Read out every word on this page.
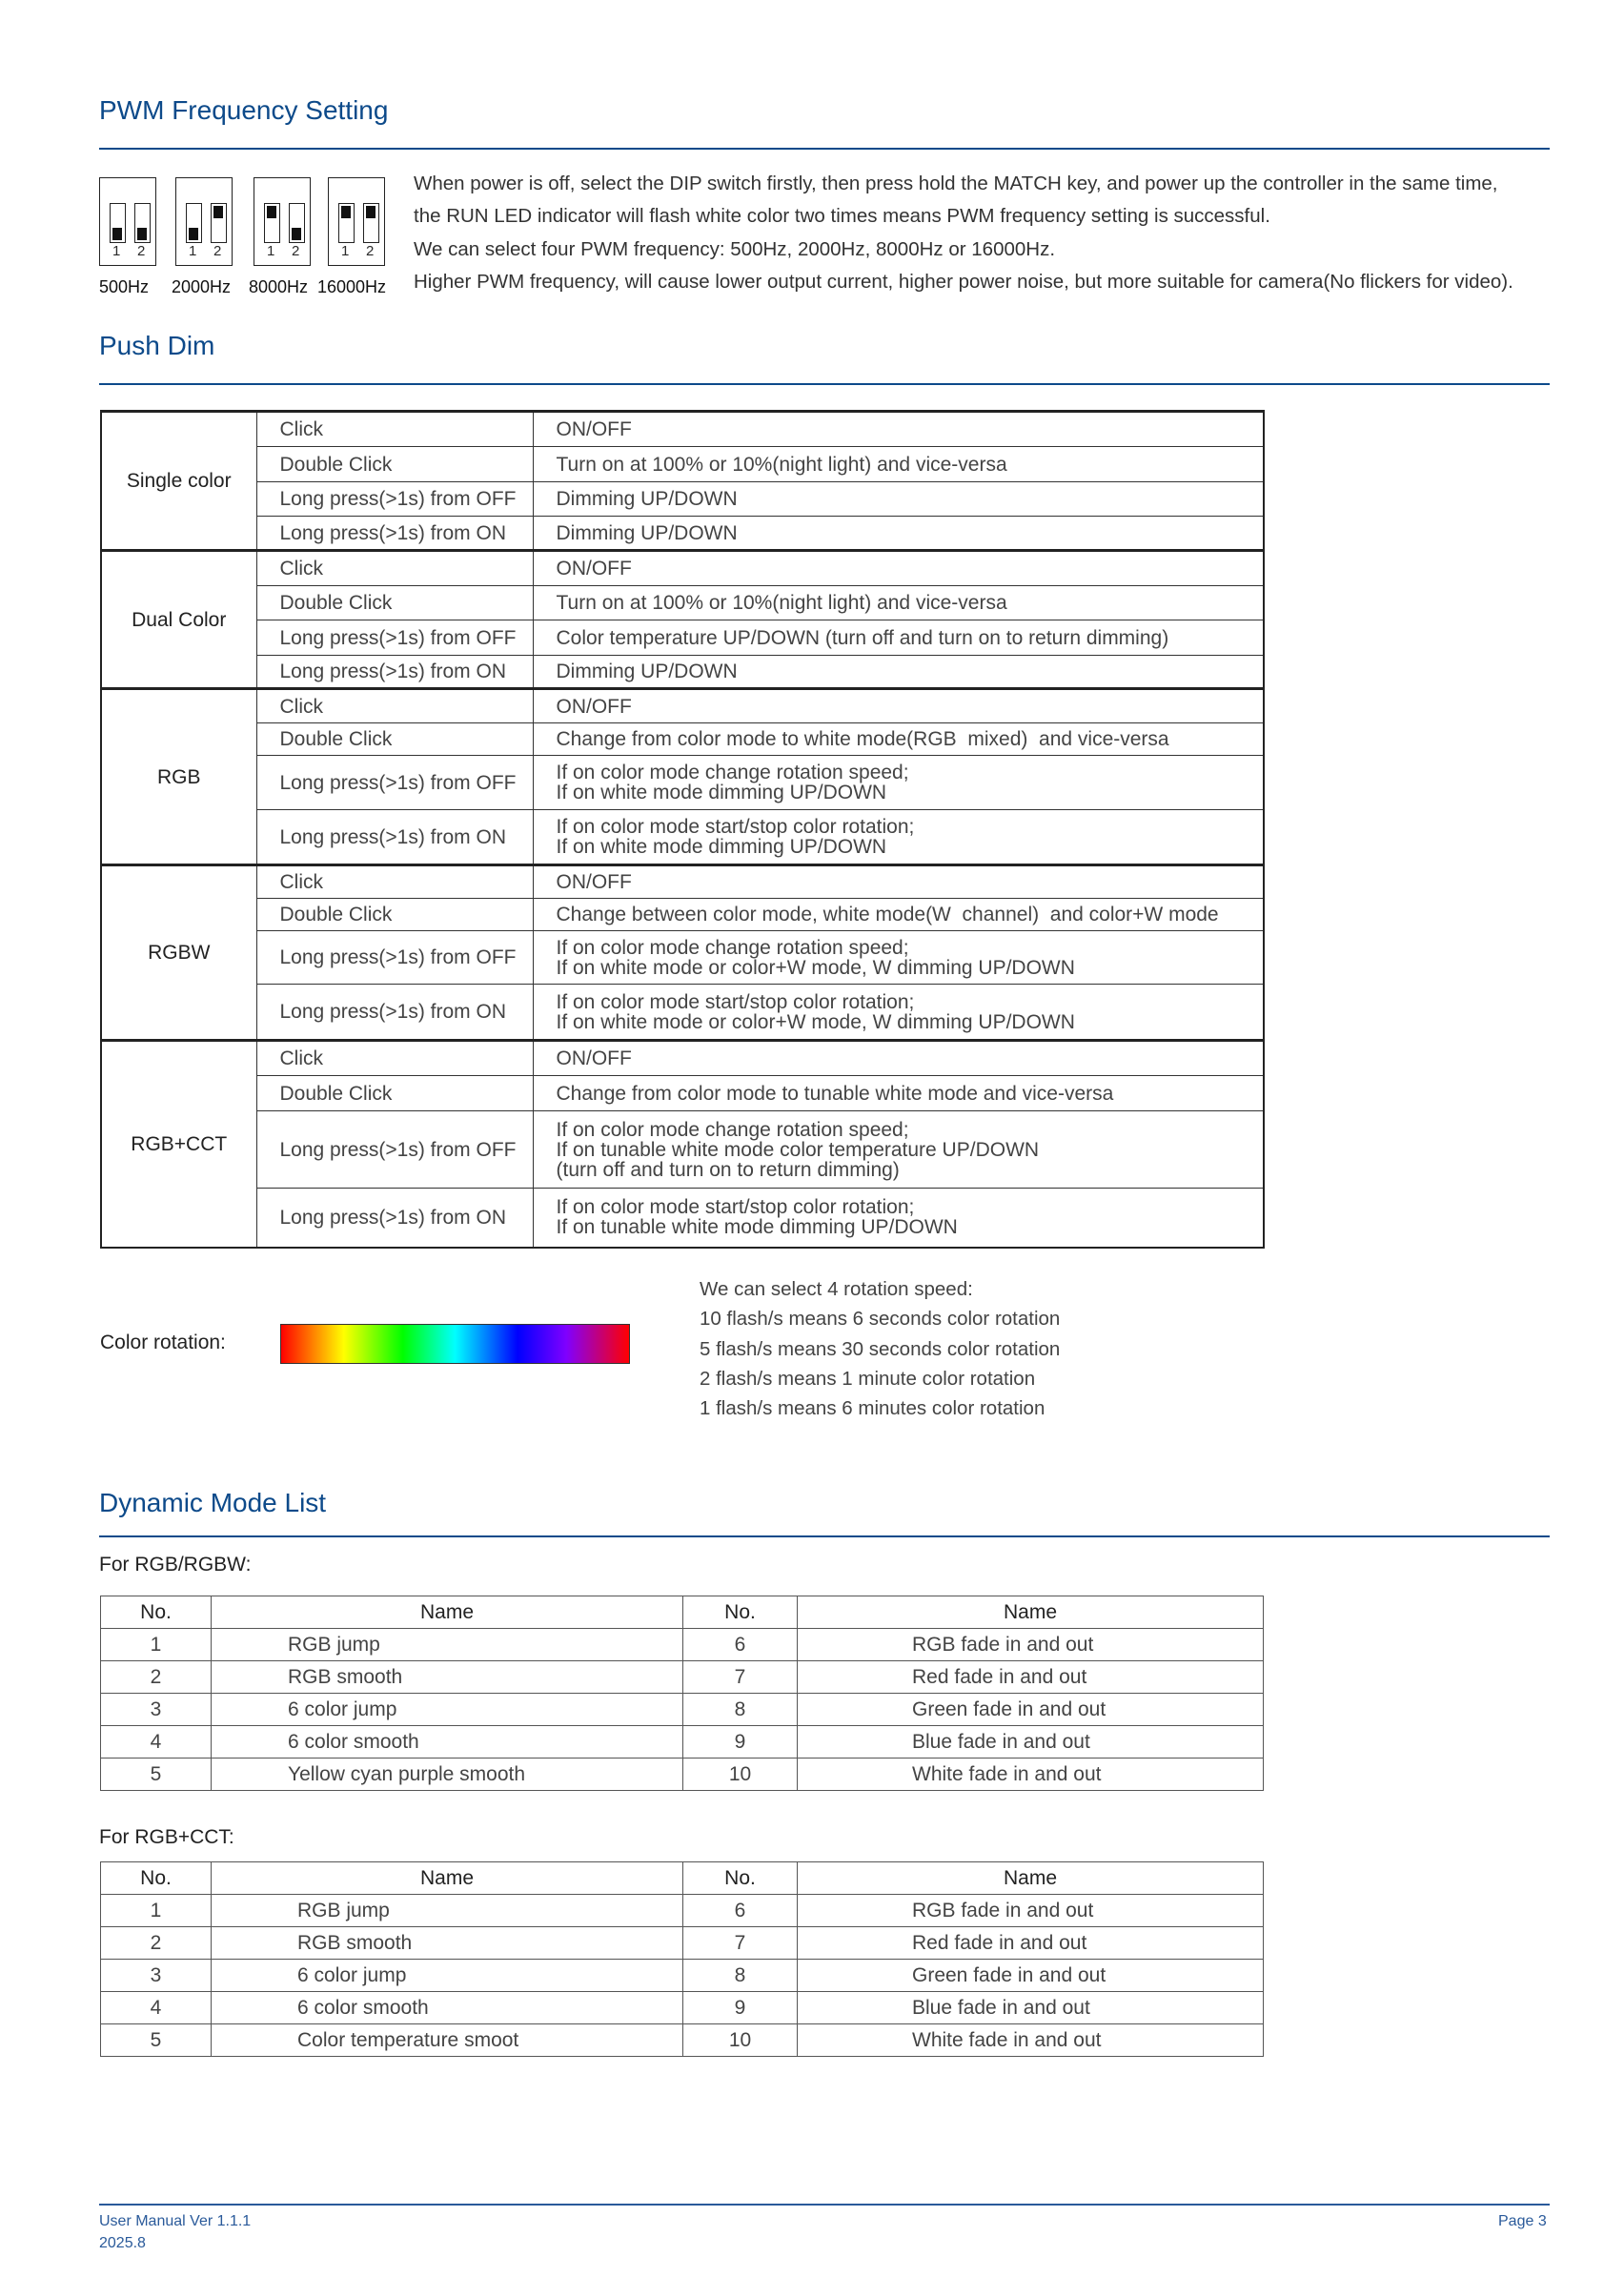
PWM Frequency Setting
1 2
500Hz
1 2
2000Hz
1 2
8000Hz
1 2
16000Hz
When power is off, select the DIP switch firstly, then press hold the MATCH key, and power up the controller in the same time,
the RUN LED indicator will flash white color two times means PWM frequency setting is successful.
We can select four PWM frequency: 500Hz, 2000Hz, 8000Hz or 16000Hz.
Higher PWM frequency, will cause lower output current, higher power noise, but more suitable for camera(No flickers for video).
Push Dim
Single color	Click	ON/OFF

	Double Click	Turn on at 100% or 10%(night light) and vice-versa

	Long press(>1s) from OFF	Dimming UP/DOWN

	Long press(>1s) from ON	Dimming UP/DOWN

Dual Color	Click	ON/OFF

	Double Click	Turn on at 100% or 10%(night light) and vice-versa

	Long press(>1s) from OFF	Color temperature UP/DOWN (turn off and turn on to return dimming)

	Long press(>1s) from ON	Dimming UP/DOWN

RGB	Click	ON/OFF

	Double Click	Change from color mode to white mode(RGB  mixed)  and vice-versa

	Long press(>1s) from OFF	If on color mode change rotation speed;
If on white mode dimming UP/DOWN

	Long press(>1s) from ON	If on color mode start/stop color rotation;
If on white mode dimming UP/DOWN

RGBW	Click	ON/OFF

	Double Click	Change between color mode, white mode(W  channel)  and color+W mode

	Long press(>1s) from OFF	If on color mode change rotation speed;
If on white mode or color+W mode, W dimming UP/DOWN

	Long press(>1s) from ON	If on color mode start/stop color rotation;
If on white mode or color+W mode, W dimming UP/DOWN

RGB+CCT	Click	ON/OFF

	Double Click	Change from color mode to tunable white mode and vice-versa

	Long press(>1s) from OFF	If on color mode change rotation speed;
If on tunable white mode color temperature UP/DOWN
(turn off and turn on to return dimming)

	Long press(>1s) from ON	If on color mode start/stop color rotation;
If on tunable white mode dimming UP/DOWN
Color rotation:
We can select 4 rotation speed:
10 flash/s means 6 seconds color rotation
5 flash/s means 30 seconds color rotation
2 flash/s means 1 minute color rotation
1 flash/s means 6 minutes color rotation
Dynamic Mode List
For RGB/RGBW:
No.	Name	No.	Name
1	RGB jump	6	RGB fade in and out
2	RGB smooth	7	Red fade in and out
3	6 color jump	8	Green fade in and out
4	6 color smooth	9	Blue fade in and out
5	Yellow cyan purple smooth	10	White fade in and out
For RGB+CCT:
No.	Name	No.	Name
1	RGB jump	6	RGB fade in and out
2	RGB smooth	7	Red fade in and out
3	6 color jump	8	Green fade in and out
4	6 color smooth	9	Blue fade in and out
5	Color temperature smoot	10	White fade in and out
User Manual Ver 1.1.1
2025.8
Page 3
